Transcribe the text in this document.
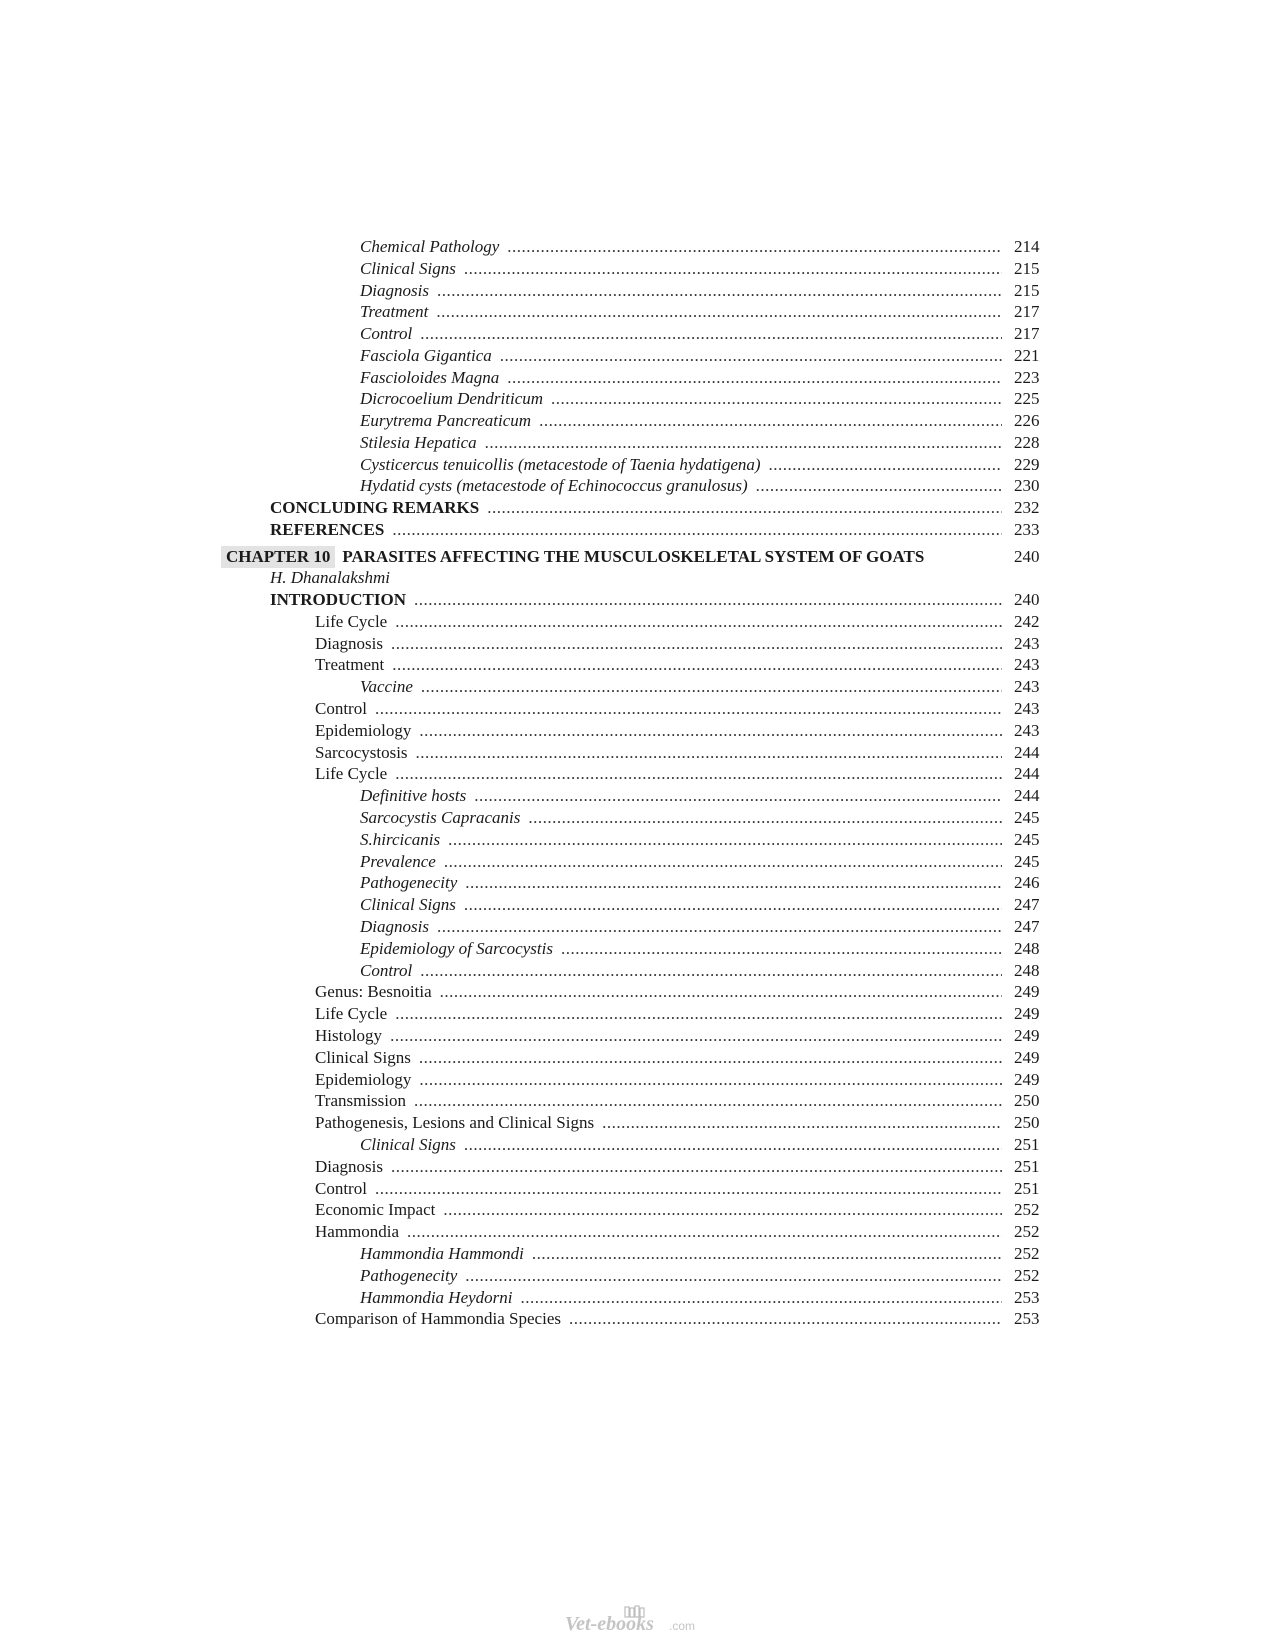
Chemical Pathology .....	214
Clinical Signs .....	215
Diagnosis .....	215
Treatment .....	217
Control .....	217
Fasciola Gigantica .....	221
Fascioloides Magna .....	223
Dicrocoelium Dendriticum .....	225
Eurytrema Pancreaticum .....	226
Stilesia Hepatica .....	228
Cysticercus tenuicollis (metacestode of Taenia hydatigena) .....	229
Hydatid cysts (metacestode of Echinococcus granulosus) .....	230
CONCLUDING REMARKS .....	232
REFERENCES .....	233
CHAPTER 10 PARASITES AFFECTING THE MUSCULOSKELETAL SYSTEM OF GOATS	240
H. Dhanalakshmi
INTRODUCTION .....	240
Life Cycle .....	242
Diagnosis .....	243
Treatment .....	243
Vaccine .....	243
Control .....	243
Epidemiology .....	243
Sarcocystosis .....	244
Life Cycle .....	244
Definitive hosts .....	244
Sarcocystis Capracanis .....	245
S.hircicanis .....	245
Prevalence .....	245
Pathogenecity .....	246
Clinical Signs .....	247
Diagnosis .....	247
Epidemiology of Sarcocystis .....	248
Control .....	248
Genus: Besnoitia .....	249
Life Cycle .....	249
Histology .....	249
Clinical Signs .....	249
Epidemiology .....	249
Transmission .....	250
Pathogenesis, Lesions and Clinical Signs .....	250
Clinical Signs .....	251
Diagnosis .....	251
Control .....	251
Economic Impact .....	252
Hammondia .....	252
Hammondia Hammondi .....	252
Pathogenecity .....	252
Hammondia Heydorni .....	253
Comparison of Hammondia Species .....	253
Vet-ebooks .com
